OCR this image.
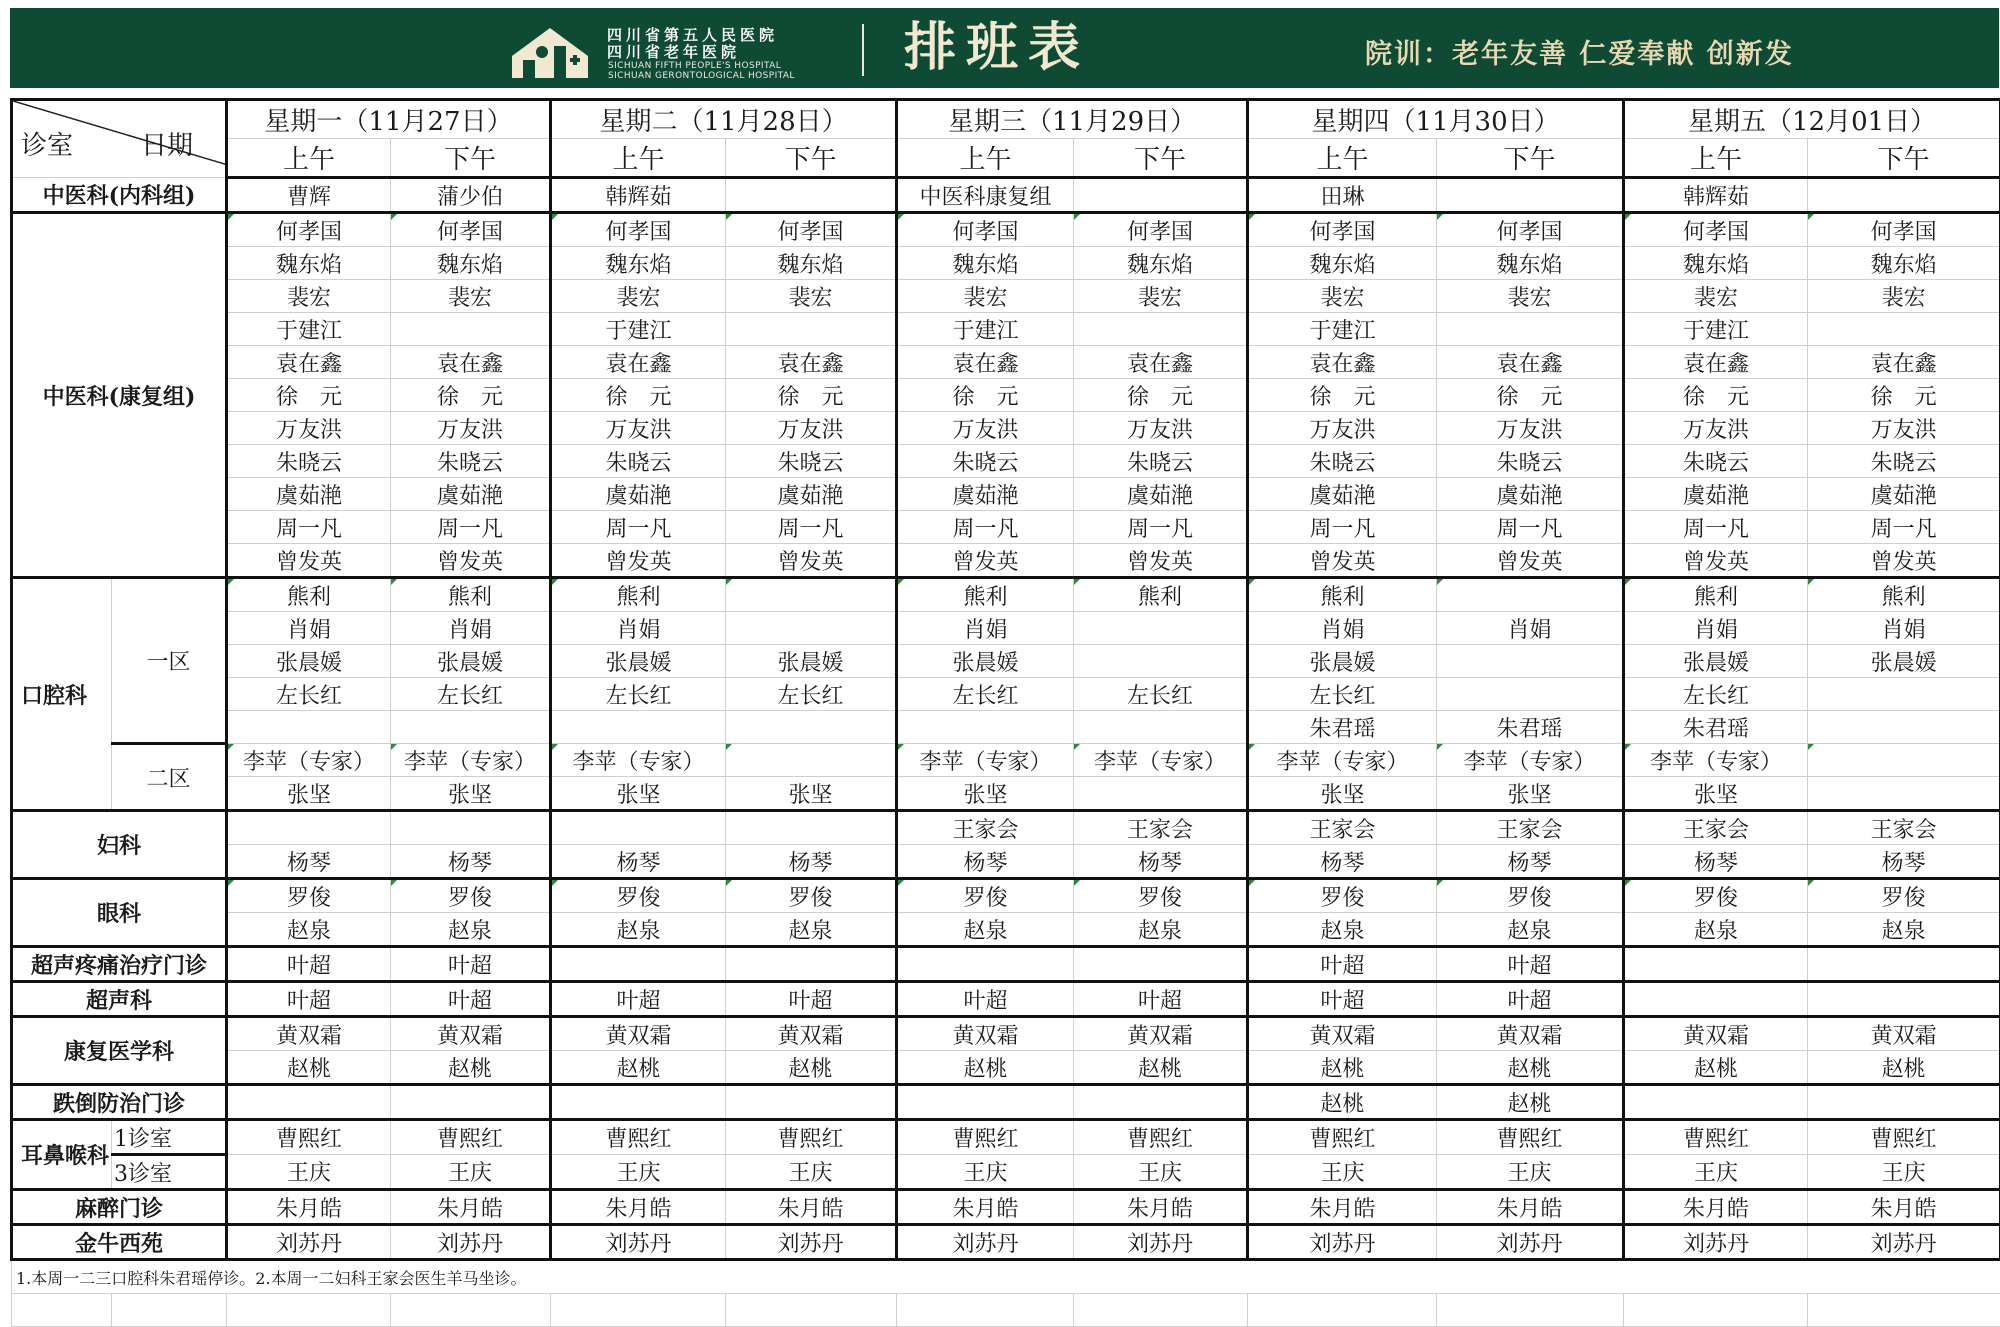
四川省第五人民医院
四川省老年医院
SICHUAN FIFTH PEOPLE'S HOSPITAL
SICHUAN GERONTOLOGICAL HOSPITAL 排班表	院训：老年友善 仁爱奉献 创新发
诊室 日期		星期一（11月27日）		星期二（11月28日）		星期三（11月29日）		星期四（11月30日）		星期五（12月01日）	
		上午	下午	上午	下午	上午	下午	上午	下午	上午	下午
中医科(内科组)		曹辉	蒲少伯	韩辉茹		中医科康复组		田琳		韩辉茹	
中医科(康复组)		何孝国	何孝国	何孝国	何孝国	何孝国	何孝国	何孝国	何孝国	何孝国	何孝国
		魏东焰	魏东焰	魏东焰	魏东焰	魏东焰	魏东焰	魏东焰	魏东焰	魏东焰	魏东焰
		裴宏	裴宏	裴宏	裴宏	裴宏	裴宏	裴宏	裴宏	裴宏	裴宏
		于建江		于建江		于建江		于建江		于建江	
		袁在鑫	袁在鑫	袁在鑫	袁在鑫	袁在鑫	袁在鑫	袁在鑫	袁在鑫	袁在鑫	袁在鑫
		徐　元	徐　元	徐　元	徐　元	徐　元	徐　元	徐　元	徐　元	徐　元	徐　元
		万友洪	万友洪	万友洪	万友洪	万友洪	万友洪	万友洪	万友洪	万友洪	万友洪
		朱晓云	朱晓云	朱晓云	朱晓云	朱晓云	朱晓云	朱晓云	朱晓云	朱晓云	朱晓云
		虞茹滟	虞茹滟	虞茹滟	虞茹滟	虞茹滟	虞茹滟	虞茹滟	虞茹滟	虞茹滟	虞茹滟
		周一凡	周一凡	周一凡	周一凡	周一凡	周一凡	周一凡	周一凡	周一凡	周一凡
		曾发英	曾发英	曾发英	曾发英	曾发英	曾发英	曾发英	曾发英	曾发英	曾发英
口腔科	一区	熊利	熊利	熊利		熊利	熊利	熊利		熊利	熊利
		肖娟	肖娟	肖娟		肖娟		肖娟	肖娟	肖娟	肖娟
		张晨媛	张晨媛	张晨媛	张晨媛	张晨媛		张晨媛		张晨媛	张晨媛
		左长红	左长红	左长红	左长红	左长红	左长红	左长红		左长红	
								朱君瑶	朱君瑶	朱君瑶	
	二区	李苹（专家）	李苹（专家）	李苹（专家）		李苹（专家）	李苹（专家）	李苹（专家）	李苹（专家）	李苹（专家）	
		张坚	张坚	张坚	张坚	张坚		张坚	张坚	张坚	
妇科						王家会	王家会	王家会	王家会	王家会	王家会
		杨琴	杨琴	杨琴	杨琴	杨琴	杨琴	杨琴	杨琴	杨琴	杨琴
眼科		罗俊	罗俊	罗俊	罗俊	罗俊	罗俊	罗俊	罗俊	罗俊	罗俊
		赵泉	赵泉	赵泉	赵泉	赵泉	赵泉	赵泉	赵泉	赵泉	赵泉
超声疼痛治疗门诊		叶超	叶超					叶超	叶超		
超声科		叶超	叶超	叶超	叶超	叶超	叶超	叶超	叶超		
康复医学科		黄双霜	黄双霜	黄双霜	黄双霜	黄双霜	黄双霜	黄双霜	黄双霜	黄双霜	黄双霜
		赵桃	赵桃	赵桃	赵桃	赵桃	赵桃	赵桃	赵桃	赵桃	赵桃
跌倒防治门诊								赵桃	赵桃		
耳鼻喉科	1诊室	曹熙红	曹熙红	曹熙红	曹熙红	曹熙红	曹熙红	曹熙红	曹熙红	曹熙红	曹熙红
	3诊室	王庆	王庆	王庆	王庆	王庆	王庆	王庆	王庆	王庆	王庆
麻醉门诊		朱月皓	朱月皓	朱月皓	朱月皓	朱月皓	朱月皓	朱月皓	朱月皓	朱月皓	朱月皓
金牛西苑		刘苏丹	刘苏丹	刘苏丹	刘苏丹	刘苏丹	刘苏丹	刘苏丹	刘苏丹	刘苏丹	刘苏丹
1.本周一二三口腔科朱君瑶停诊。2.本周一二妇科王家会医生羊马坐诊。											
